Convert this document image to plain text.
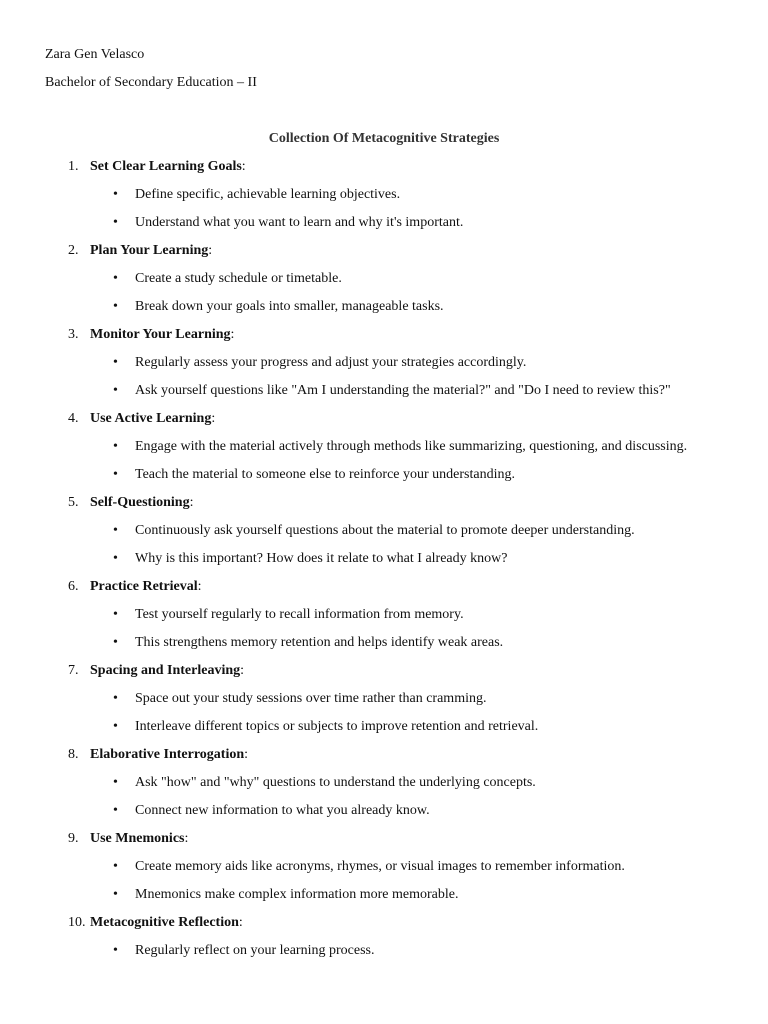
Zara Gen Velasco
Bachelor of Secondary Education – II
Collection Of Metacognitive Strategies
1. Set Clear Learning Goals:
• Define specific, achievable learning objectives.
• Understand what you want to learn and why it's important.
2. Plan Your Learning:
• Create a study schedule or timetable.
• Break down your goals into smaller, manageable tasks.
3. Monitor Your Learning:
• Regularly assess your progress and adjust your strategies accordingly.
• Ask yourself questions like "Am I understanding the material?" and "Do I need to review this?"
4. Use Active Learning:
• Engage with the material actively through methods like summarizing, questioning, and discussing.
• Teach the material to someone else to reinforce your understanding.
5. Self-Questioning:
• Continuously ask yourself questions about the material to promote deeper understanding.
• Why is this important? How does it relate to what I already know?
6. Practice Retrieval:
• Test yourself regularly to recall information from memory.
• This strengthens memory retention and helps identify weak areas.
7. Spacing and Interleaving:
• Space out your study sessions over time rather than cramming.
• Interleave different topics or subjects to improve retention and retrieval.
8. Elaborative Interrogation:
• Ask "how" and "why" questions to understand the underlying concepts.
• Connect new information to what you already know.
9. Use Mnemonics:
• Create memory aids like acronyms, rhymes, or visual images to remember information.
• Mnemonics make complex information more memorable.
10. Metacognitive Reflection:
• Regularly reflect on your learning process.
